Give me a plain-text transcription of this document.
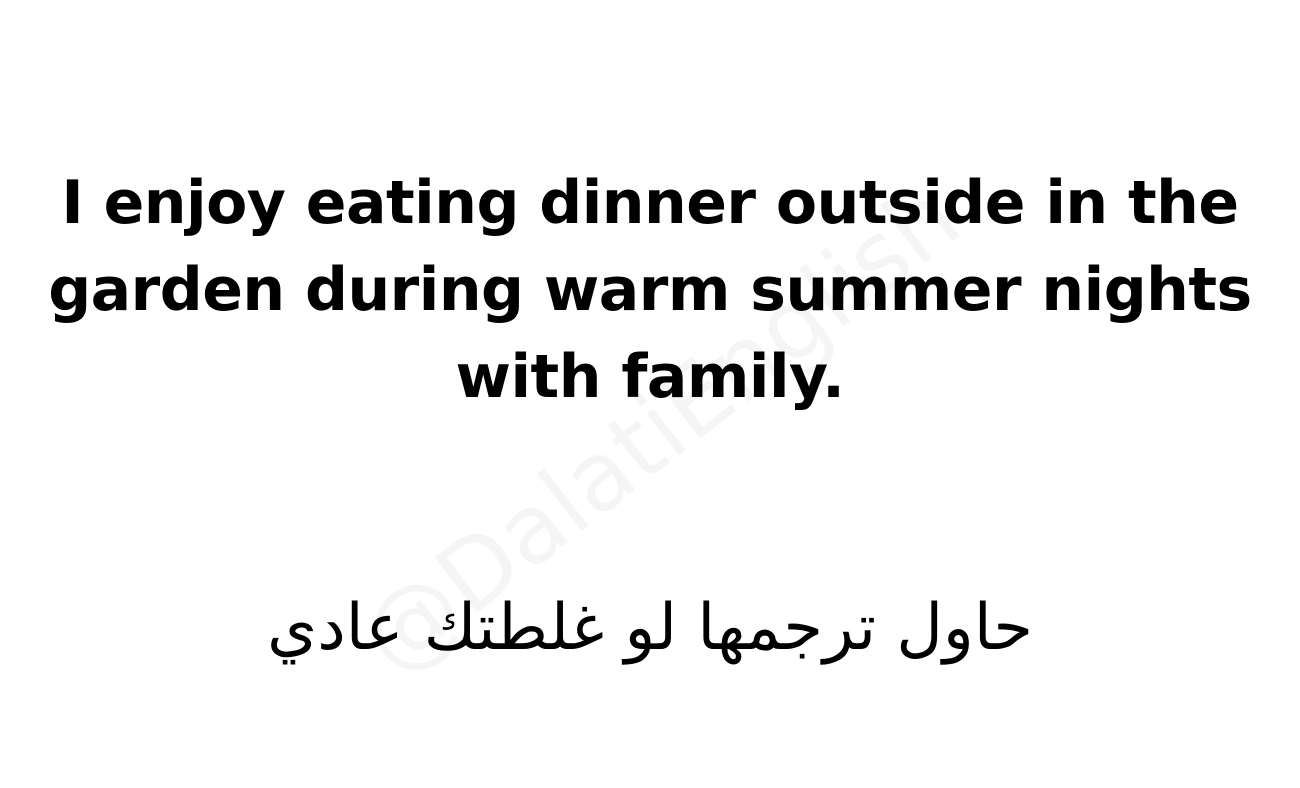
I enjoy eating dinner outside in the garden during warm summer nights with family.

حاول ترجمها لو غلطتك عادي
